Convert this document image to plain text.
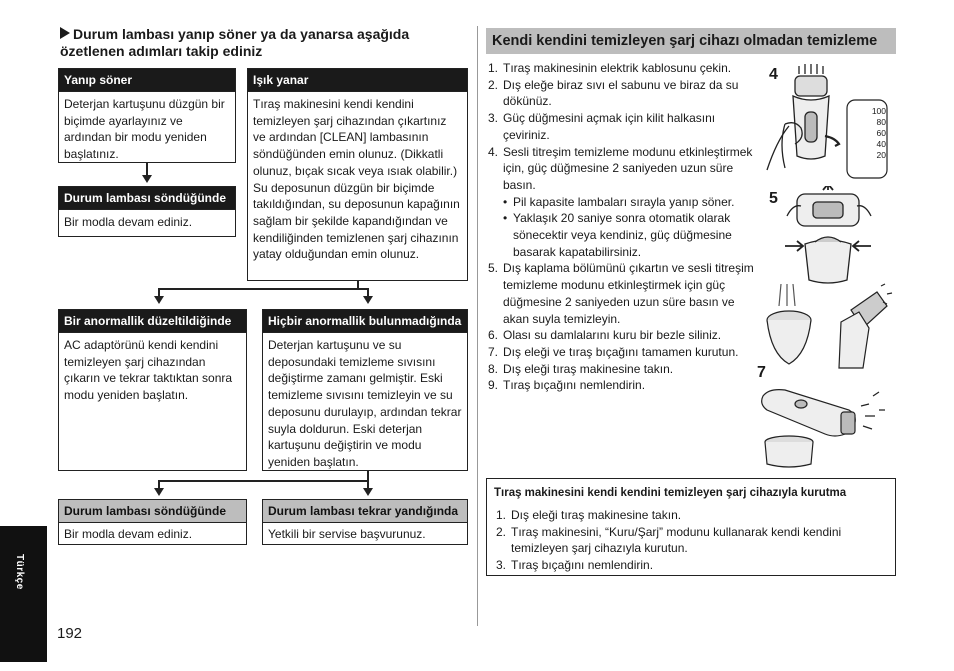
Durum lambası yanıp söner ya da yanarsa aşağıda özetlenen adımları takip ediniz
Yanıp söner
Deterjan kartuşunu düzgün bir biçimde ayarlayınız ve ardından bir modu yeniden başlatınız.
Işık yanar
Tıraş makinesini kendi kendini temizleyen şarj cihazından çıkartınız ve ardından [CLEAN] lambasının söndüğünden emin olunuz. (Dikkatli olunuz, bıçak sıcak veya ısıak olabilir.) Su deposunun düzgün bir biçimde takıldığından, su deposunun kapağının sağlam bir şekilde kapandığından ve kendiliğinden temizlenen şarj cihazının yatay olduğundan emin olunuz.
Durum lambası söndüğünde
Bir modla devam ediniz.
Bir anormallik düzeltildiğinde
AC adaptörünü kendi kendini temizleyen şarj cihazından çıkarın ve tekrar taktıktan sonra modu yeniden başlatın.
Hiçbir anormallik bulunmadığında
Deterjan kartuşunu ve su deposundaki temizleme sıvısını değiştirme zamanı gelmiştir. Eski temizleme sıvısını temizleyin ve su deposunu durulayıp, ardından tekrar suyla doldurun. Eski deterjan kartuşunu değiştirin ve modu yeniden başlatın.
Durum lambası söndüğünde
Bir modla devam ediniz.
Durum lambası tekrar yandığında
Yetkili bir servise başvurunuz.
Türkçe
192
Kendi kendini temizleyen şarj cihazı olmadan temizleme
1. Tıraş makinesinin elektrik kablosunu çekin.
2. Dış eleğe biraz sıvı el sabunu ve biraz da su dökünüz.
3. Güç düğmesini açmak için kilit halkasını çeviriniz.
4. Sesli titreşim temizleme modunu etkinleştirmek için, güç düğmesine 2 saniyeden uzun süre basın.
• Pil kapasite lambaları sırayla yanıp söner.
• Yaklaşık 20 saniye sonra otomatik olarak sönecektir veya kendiniz, güç düğmesine basarak kapatabilirsiniz.
5. Dış kaplama bölümünü çıkartın ve sesli titreşim temizleme modunu etkinleştirmek için güç düğmesine 2 saniyeden uzun süre basın ve akan suyla temizleyin.
6. Olası su damlalarını kuru bir bezle siliniz.
7. Dış eleği ve tıraş bıçağını tamamen kurutun.
8. Dış eleği tıraş makinesine takın.
9. Tıraş bıçağını nemlendirin.
4
5
7
100
80
60
40
20
Tıraş makinesini kendi kendini temizleyen şarj cihazıyla kurutma
1. Dış eleği tıraş makinesine takın.
2. Tıraş makinesini, “Kuru/Şarj” modunu kullanarak kendi kendini temizleyen şarj cihazıyla kurutun.
3. Tıraş bıçağını nemlendirin.
